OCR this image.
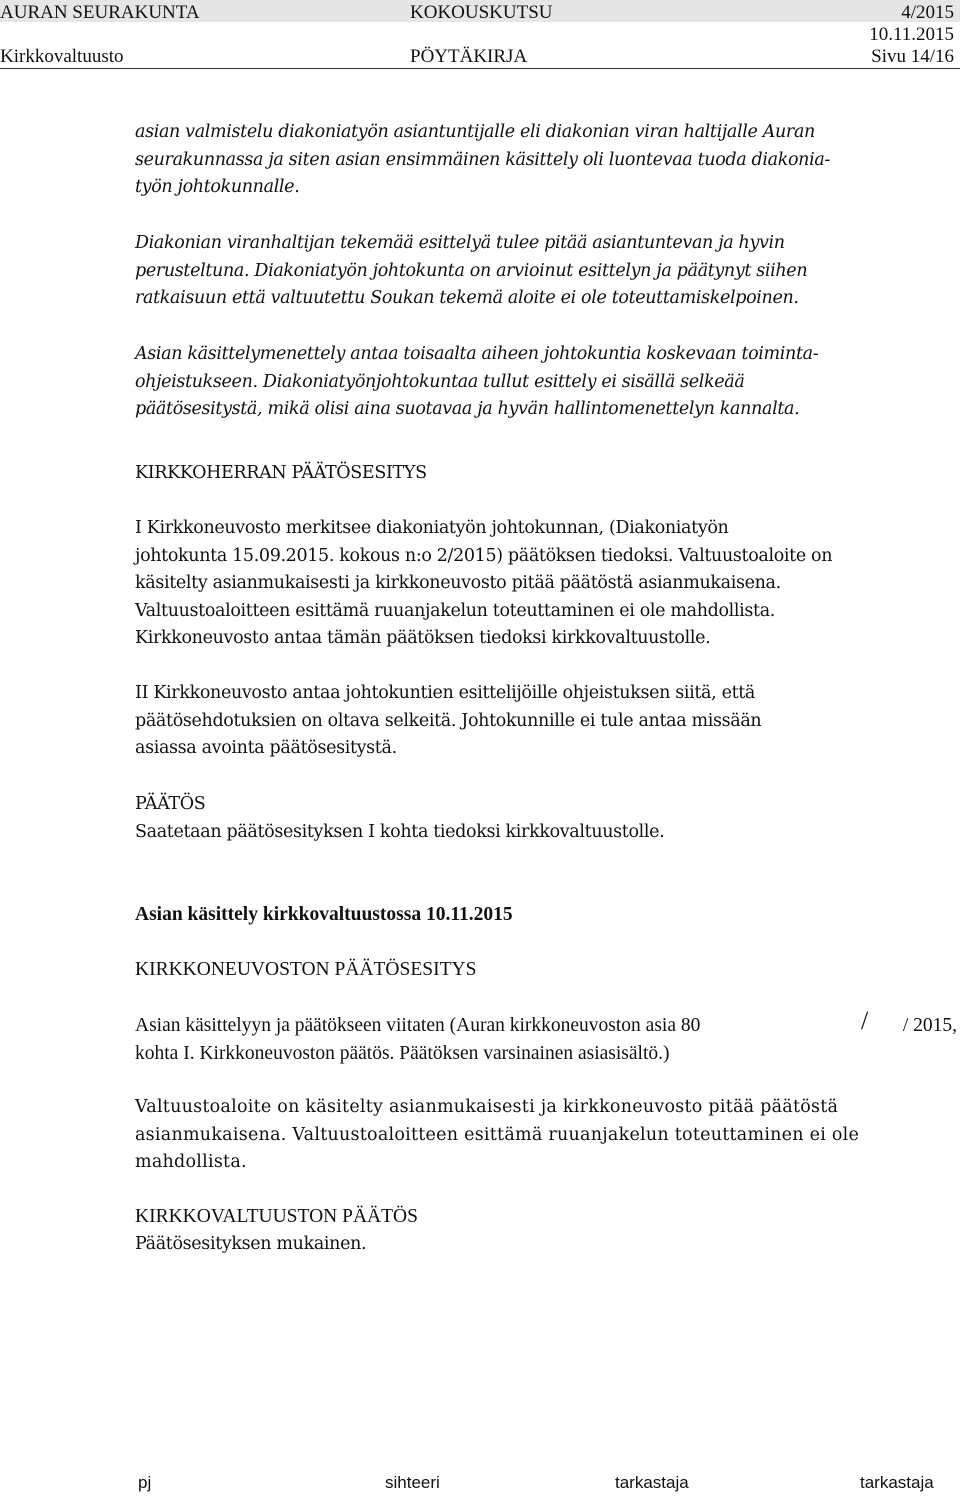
AURAN SEURAKUNTA	KOKOUSKUTSU	4/2015
10.11.2015
Kirkkovaltuusto	PÖYTÄKIRJA	Sivu 14/16

asian valmistelu diakoniatyön asiantuntijalle eli diakonian viran haltijalle Auran

seurakunnassa ja siten asian ensimmäinen käsittely oli luontevaa tuoda diakonia-

työn johtokunnalle.

Diakonian viranhaltijan tekemää esittelyä tulee pitää asiantuntevan ja hyvin

perusteltuna. Diakoniatyön johtokunta on arvioinut esittelyn ja päätynyt siihen

ratkaisuun että valtuutettu Soukan tekemä aloite ei ole toteuttamiskelpoinen.

Asian käsittelymenettely antaa toisaalta aiheen johtokuntia koskevaan toiminta-

ohjeistukseen. Diakoniatyönjohtokuntaa tullut esittely ei sisällä selkeää

päätösesitystä, mikä olisi aina suotavaa ja hyvän hallintomenettelyn kannalta.

KIRKKOHERRAN PÄÄTÖSESITYS

I Kirkkoneuvosto merkitsee diakoniatyön johtokunnan, (Diakoniatyön

johtokunta 15.09.2015. kokous n:o 2/2015) päätöksen tiedoksi. Valtuustoaloite on

käsitelty asianmukaisesti ja kirkkoneuvosto pitää päätöstä asianmukaisena.

Valtuustoaloitteen esittämä ruuanjakelun toteuttaminen ei ole mahdollista.

Kirkkoneuvosto antaa tämän päätöksen tiedoksi kirkkovaltuustolle.

II Kirkkoneuvosto antaa johtokuntien esittelijöille ohjeistuksen siitä, että

päätösehdotuksien on oltava selkeitä. Johtokunnille ei tule antaa missään

asiassa avointa päätösesitystä.

PÄÄTÖS

Saatetaan päätösesityksen I kohta tiedoksi kirkkovaltuustolle.

Asian käsittely kirkkovaltuustossa 10.11.2015

KIRKKONEUVOSTON PÄÄTÖSESITYS

Asian käsittelyyn ja päätökseen viitaten (Auran kirkkoneuvoston asia 80	/ / 2015,

kohta I. Kirkkoneuvoston päätös. Päätöksen varsinainen asiasisältö.)

Valtuustoaloite on käsitelty asianmukaisesti ja kirkkoneuvosto pitää päätöstä

asianmukaisena. Valtuustoaloitteen esittämä ruuanjakelun toteuttaminen ei ole

mahdollista.

KIRKKOVALTUUSTON PÄÄTÖS

Päätösesityksen mukainen.

pj	sihteeri	tarkastaja	tarkastaja
